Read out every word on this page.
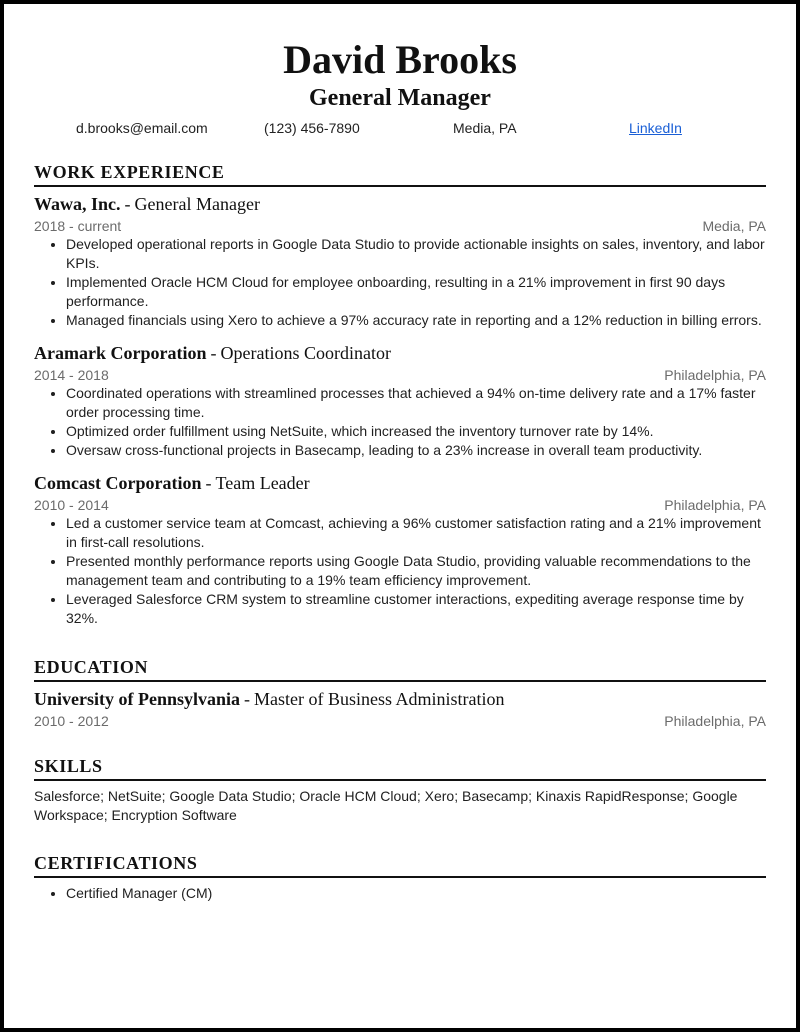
David Brooks
General Manager
d.brooks@email.com	(123) 456-7890	Media, PA	LinkedIn
WORK EXPERIENCE
Wawa, Inc. - General Manager
2018 - current	Media, PA
• Developed operational reports in Google Data Studio to provide actionable insights on sales, inventory, and labor KPIs.
• Implemented Oracle HCM Cloud for employee onboarding, resulting in a 21% improvement in first 90 days performance.
• Managed financials using Xero to achieve a 97% accuracy rate in reporting and a 12% reduction in billing errors.
Aramark Corporation - Operations Coordinator
2014 - 2018	Philadelphia, PA
• Coordinated operations with streamlined processes that achieved a 94% on-time delivery rate and a 17% faster order processing time.
• Optimized order fulfillment using NetSuite, which increased the inventory turnover rate by 14%.
• Oversaw cross-functional projects in Basecamp, leading to a 23% increase in overall team productivity.
Comcast Corporation - Team Leader
2010 - 2014	Philadelphia, PA
• Led a customer service team at Comcast, achieving a 96% customer satisfaction rating and a 21% improvement in first-call resolutions.
• Presented monthly performance reports using Google Data Studio, providing valuable recommendations to the management team and contributing to a 19% team efficiency improvement.
• Leveraged Salesforce CRM system to streamline customer interactions, expediting average response time by 32%.
EDUCATION
University of Pennsylvania - Master of Business Administration
2010 - 2012	Philadelphia, PA
SKILLS
Salesforce; NetSuite; Google Data Studio; Oracle HCM Cloud; Xero; Basecamp; Kinaxis RapidResponse; Google Workspace; Encryption Software
CERTIFICATIONS
• Certified Manager (CM)
